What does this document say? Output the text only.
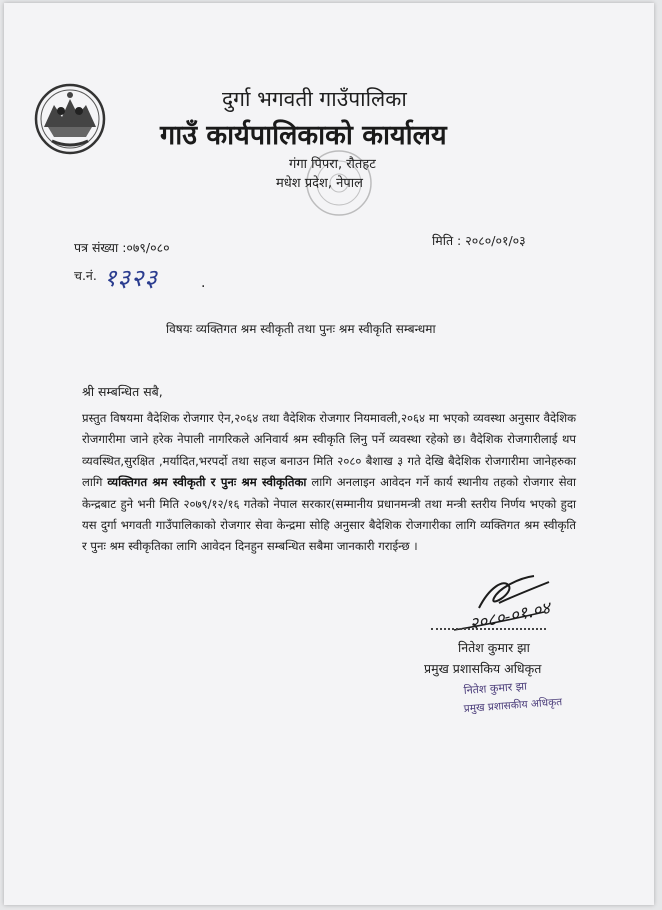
दुर्गा भगवती गाउँपालिका
गाउँ कार्यपालिकाको कार्यालय
गंगा पिपरा, रौतहट
मधेश प्रदेश, नेपाल
पत्र संख्या :०७९/०८०	मिति : २०८०/०१/०३
च.नं. १३२३	.
विषयः व्यक्तिगत श्रम स्वीकृती तथा पुनः श्रम स्वीकृति सम्बन्धमा
श्री सम्बन्धित सबै,
प्रस्तुत विषयमा वैदेशिक रोजगार ऐन,२०६४ तथा वैदेशिक रोजगार नियमावली,२०६४ मा भएको व्यवस्था अनुसार वैदेशिक रोजगारीमा जाने हरेक नेपाली नागरिकले अनिवार्य श्रम स्वीकृति लिनु पर्ने व्यवस्था रहेको छ। वैदेशिक रोजगारीलाई थप व्यवस्थित,सुरक्षित ,मर्यादित,भरपर्दो तथा सहज बनाउन मिति २०८० बैशाख ३ गते देखि बैदेशिक रोजगारीमा जानेहरुका लागि व्यक्तिगत श्रम स्वीकृती र पुनः श्रम स्वीकृतिका लागि अनलाइन आवेदन गर्ने कार्य स्थानीय तहको रोजगार सेवा केन्द्रबाट हुने भनी मिति २०७९/१२/१६ गतेको नेपाल सरकार(सम्मानीय प्रधानमन्त्री तथा मन्त्री स्तरीय निर्णय भएको हुदा यस दुर्गा भगवती गाउँपालिकाको रोजगार सेवा केन्द्रमा सोहि अनुसार बैदेशिक रोजगारीका लागि व्यक्तिगत श्रम स्वीकृति र पुनः श्रम स्वीकृतिका लागि आवेदन दिनहुन सम्बन्धित सबैमा जानकारी गराईन्छ ।
२०८०-०१.०४
नितेश कुमार झा
प्रमुख प्रशासकिय अधिकृत
नितेश कुमार झा
प्रमुख प्रशासकीय अधिकृत
